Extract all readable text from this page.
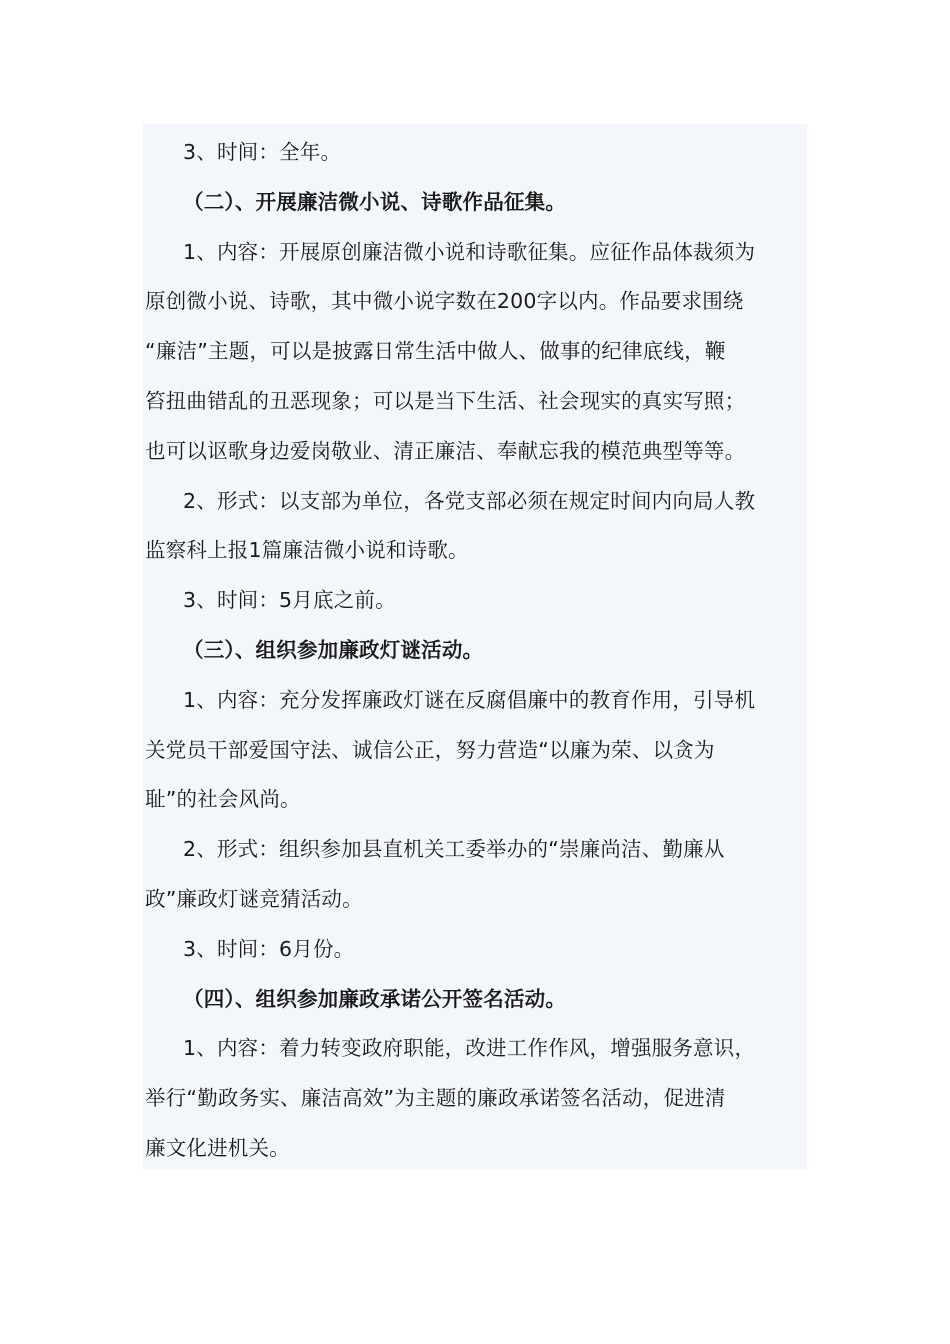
3、时间：全年。
（二）、开展廉洁微小说、诗歌作品征集。
1、内容：开展原创廉洁微小说和诗歌征集。应征作品体裁须为
原创微小说、诗歌，其中微小说字数在200字以内。作品要求围绕
“廉洁”主题，可以是披露日常生活中做人、做事的纪律底线，鞭
笞扭曲错乱的丑恶现象；可以是当下生活、社会现实的真实写照；
也可以讴歌身边爱岗敬业、清正廉洁、奉献忘我的模范典型等等。
2、形式：以支部为单位，各党支部必须在规定时间内向局人教
监察科上报1篇廉洁微小说和诗歌。
3、时间：5月底之前。
（三）、组织参加廉政灯谜活动。
1、内容：充分发挥廉政灯谜在反腐倡廉中的教育作用，引导机
关党员干部爱国守法、诚信公正，努力营造“以廉为荣、以贪为
耻”的社会风尚。
2、形式：组织参加县直机关工委举办的“崇廉尚洁、勤廉从
政”廉政灯谜竞猜活动。
3、时间：6月份。
（四）、组织参加廉政承诺公开签名活动。
1、内容：着力转变政府职能，改进工作作风，增强服务意识，
举行“勤政务实、廉洁高效”为主题的廉政承诺签名活动，促进清
廉文化进机关。
